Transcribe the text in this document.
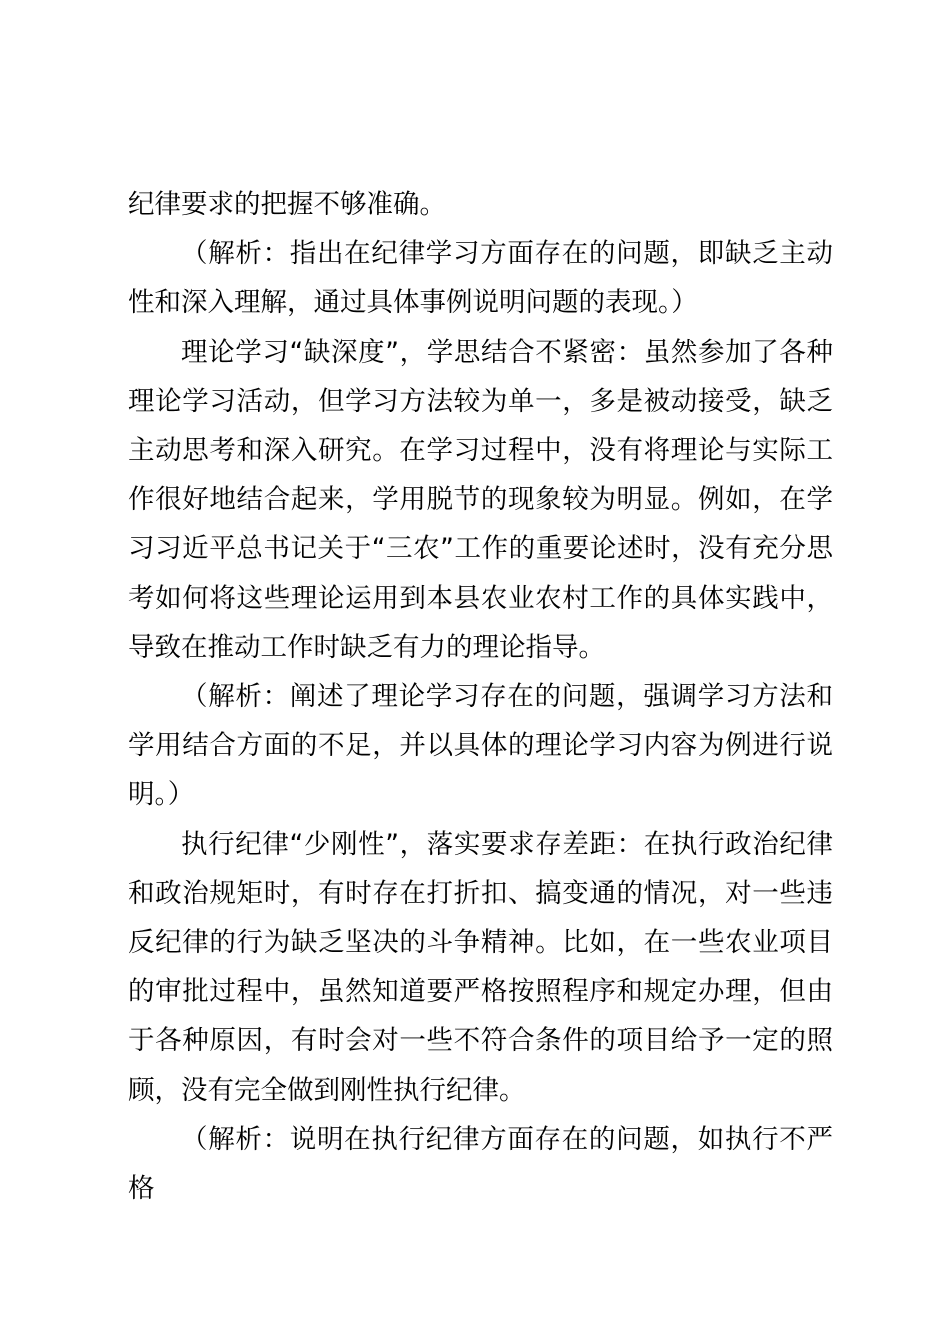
纪律要求的把握不够准确。

（解析：指出在纪律学习方面存在的问题，即缺乏主动性和深入理解，通过具体事例说明问题的表现。）

理论学习“缺深度”，学思结合不紧密：虽然参加了各种理论学习活动，但学习方法较为单一，多是被动接受，缺乏主动思考和深入研究。在学习过程中，没有将理论与实际工作很好地结合起来，学用脱节的现象较为明显。例如，在学习习近平总书记关于“三农”工作的重要论述时，没有充分思考如何将这些理论运用到本县农业农村工作的具体实践中，导致在推动工作时缺乏有力的理论指导。

（解析：阐述了理论学习存在的问题，强调学习方法和学用结合方面的不足，并以具体的理论学习内容为例进行说明。）

执行纪律“少刚性”，落实要求存差距：在执行政治纪律和政治规矩时，有时存在打折扣、搞变通的情况，对一些违反纪律的行为缺乏坚决的斗争精神。比如，在一些农业项目的审批过程中，虽然知道要严格按照程序和规定办理，但由于各种原因，有时会对一些不符合条件的项目给予一定的照顾，没有完全做到刚性执行纪律。

（解析：说明在执行纪律方面存在的问题，如执行不严格
